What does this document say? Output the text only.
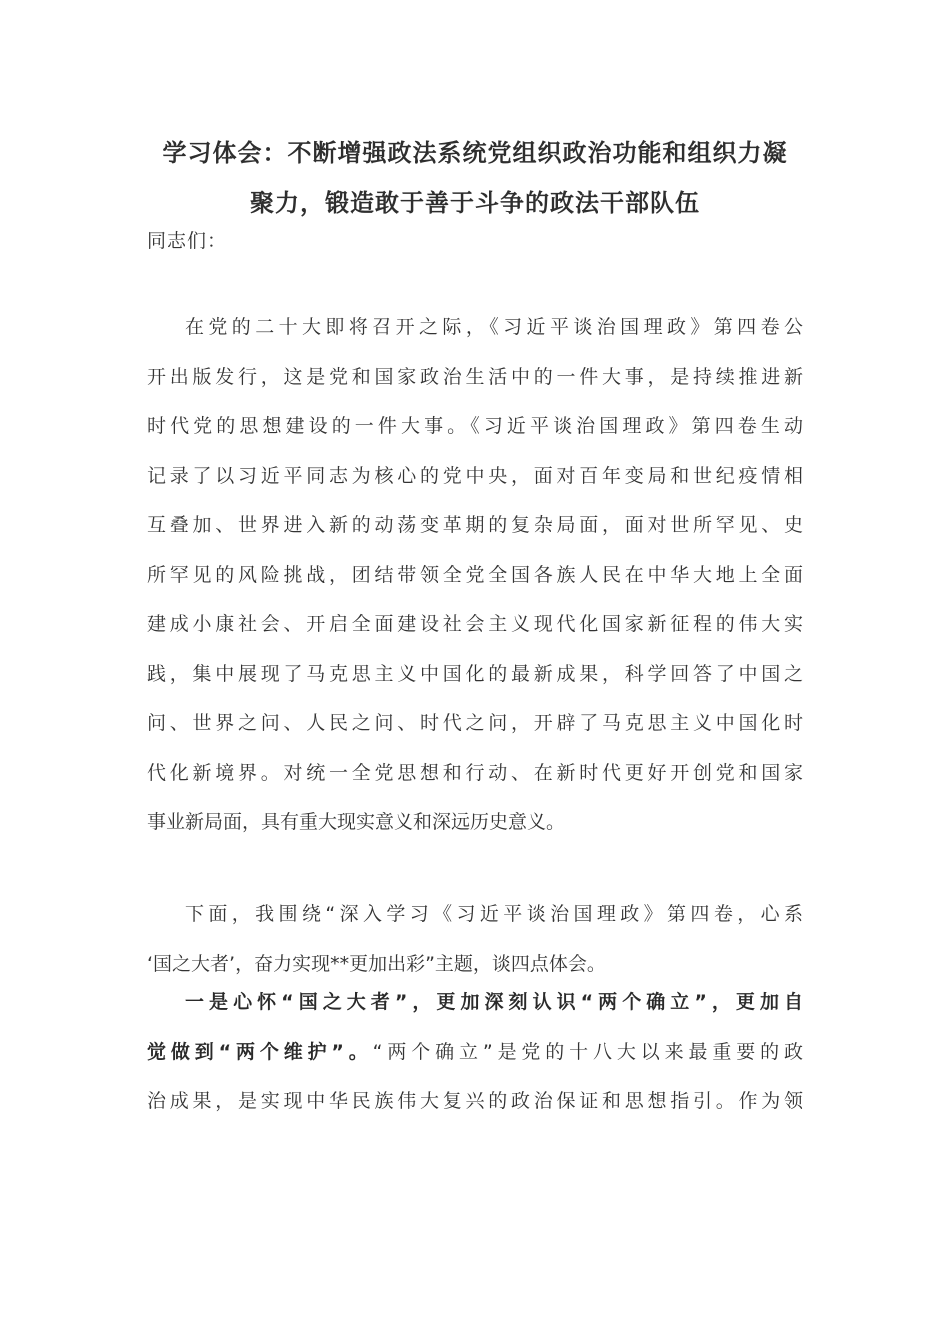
学习体会：不断增强政法系统党组织政治功能和组织力凝
聚力，锻造敢于善于斗争的政法干部队伍

同志们：

在党的二十大即将召开之际，《习近平谈治国理政》第四卷公
开出版发行，这是党和国家政治生活中的一件大事，是持续推进新
时代党的思想建设的一件大事。《习近平谈治国理政》第四卷生动
记录了以习近平同志为核心的党中央，面对百年变局和世纪疫情相
互叠加、世界进入新的动荡变革期的复杂局面，面对世所罕见、史
所罕见的风险挑战，团结带领全党全国各族人民在中华大地上全面
建成小康社会、开启全面建设社会主义现代化国家新征程的伟大实
践，集中展现了马克思主义中国化的最新成果，科学回答了中国之
问、世界之问、人民之问、时代之问，开辟了马克思主义中国化时
代化新境界。对统一全党思想和行动、在新时代更好开创党和国家
事业新局面，具有重大现实意义和深远历史意义。
下面，我围绕“深入学习《习近平谈治国理政》第四卷，心系
‘国之大者’，奋力实现**更加出彩”主题，谈四点体会。
一是心怀“国之大者”，更加深刻认识“两个确立”，更加自
觉做到“两个维护”。“两个确立”是党的十八大以来最重要的政
治成果，是实现中华民族伟大复兴的政治保证和思想指引。作为领
